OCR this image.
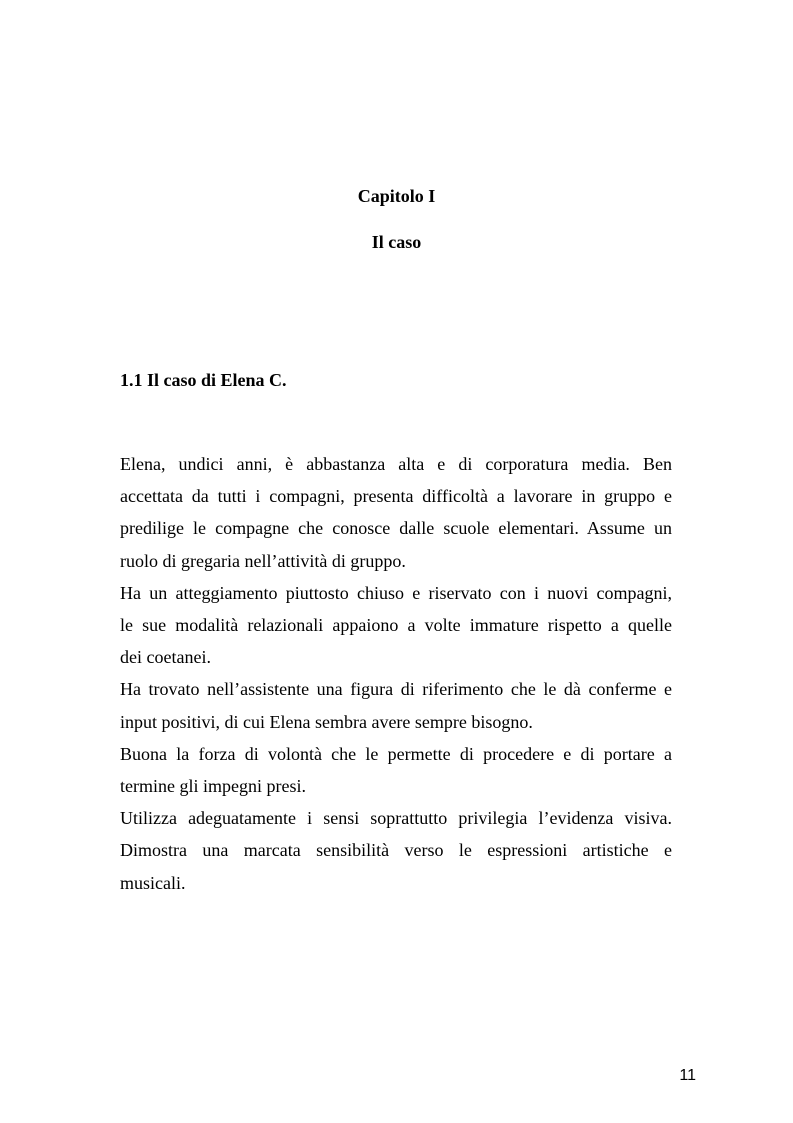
Capitolo I
Il caso
1.1 Il caso di Elena C.

Elena, undici anni, è abbastanza alta e di corporatura media. Ben

accettata da tutti i compagni, presenta difficoltà a lavorare in gruppo e

predilige le compagne che conosce dalle scuole elementari. Assume un

ruolo di gregaria nell’attività di gruppo.

Ha un atteggiamento piuttosto chiuso e riservato con i nuovi compagni,

le sue modalità relazionali appaiono a volte immature rispetto a quelle

dei coetanei.

Ha trovato nell’assistente una figura di riferimento che le dà conferme e

input positivi, di cui Elena sembra avere sempre bisogno.

Buona la forza di volontà che le permette di procedere e di portare a

termine gli impegni presi.

Utilizza adeguatamente i sensi soprattutto privilegia l’evidenza visiva.

Dimostra una marcata sensibilità verso le espressioni artistiche e

musicali.

11
